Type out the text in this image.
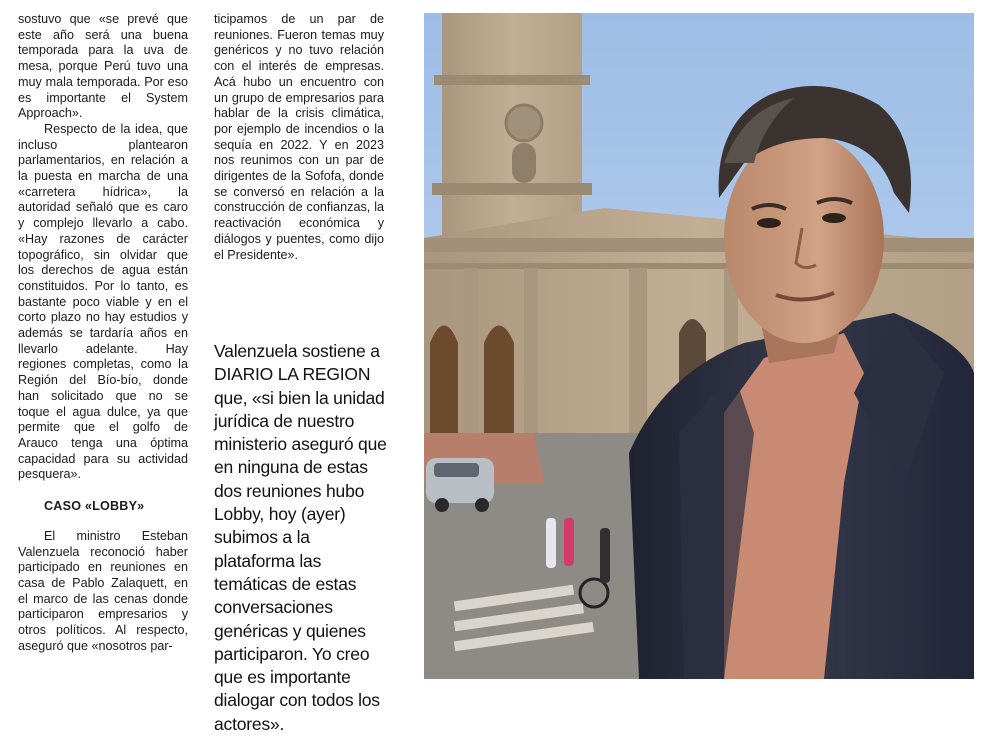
sostuvo que «se prevé que este año será una buena temporada para la uva de mesa, porque Perú tuvo una muy mala temporada. Por eso es importante el System Approach».

Respecto de la idea, que incluso plantearon parlamentarios, en relación a la puesta en marcha de una «carretera hídrica», la autoridad señaló que es caro y complejo llevarlo a cabo. «Hay razones de carácter topográfico, sin olvidar que los derechos de agua están constituidos. Por lo tanto, es bastante poco viable y en el corto plazo no hay estudios y además se tardaría años en llevarlo adelante. Hay regiones completas, como la Región del Bío-bío, donde han solicitado que no se toque el agua dulce, ya que permite que el golfo de Arauco tenga una óptima capacidad para su actividad pesquera».

CASO «LOBBY»

El ministro Esteban Valenzuela reconoció haber participado en reuniones en casa de Pablo Zalaquett, en el marco de las cenas donde participaron empresarios y otros políticos. Al respecto, aseguró que «nosotros par-

ticipamos de un par de reuniones. Fueron temas muy genéricos y no tuvo relación con el interés de empresas. Acá hubo un encuentro con un grupo de empresarios para hablar de la crisis climática, por ejemplo de incendios o la sequía en 2022. Y en 2023 nos reunimos con un par de dirigentes de la Sofofa, donde se conversó en relación a la construcción de confianzas, la reactivación económica y diálogos y puentes, como dijo el Presidente».

Valenzuela sostiene a DIARIO LA REGION que, «si bien la unidad jurídica de nuestro ministerio aseguró que en ninguna de estas dos reuniones hubo Lobby, hoy (ayer) subimos a la plataforma las temáticas de estas conversaciones genéricas y quienes participaron. Yo creo que es importante dialogar con todos los actores».
